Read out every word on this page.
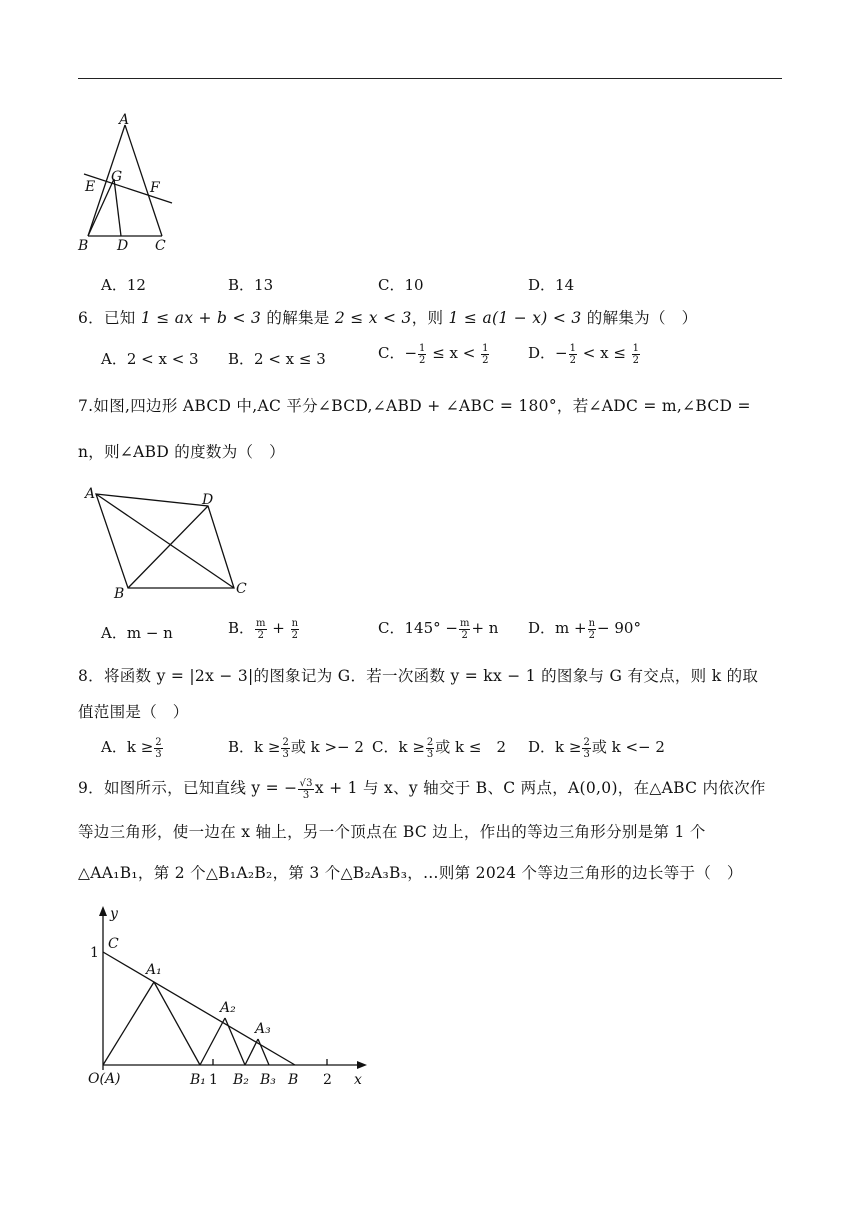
A
E
G
F
B D C
A．12	B．13	C．10	D．14
6．已知 1 ≤ ax + b < 3 的解集是 2 ≤ x < 3，则 1 ≤ a(1 − x) < 3 的解集为（　）
A．2 < x < 3 B．2 < x ≤ 3	C．− $\frac{1}{2} \le x < \frac{1}{2}$	D．− $\frac{1}{2} < x \le \frac{1}{2}$
7.如图,四边形 ABCD 中,AC 平分∠BCD,∠ABD + ∠ABC = 180°，若∠ADC = m,∠BCD =
n，则∠ABD 的度数为（　）
A	D
B	C
A．m − n	B． $\frac{m}{2} + \frac{n}{2}$	C．$145^\circ - \frac{m}{2} + n$ D．$m + \frac{n}{2} - 90^\circ$
8．将函数 y = |2x − 3|的图象记为 G．若一次函数 y = kx − 1 的图象与 G 有交点，则 k 的取
值范围是（　）
A．$k \ge \frac{2}{3}$	B．$k \ge \frac{2}{3}$ 或 k >− 2 C．$k \ge \frac{2}{3}$ 或 k ≤　2 D．$k \ge \frac{2}{3}$ 或 k <− 2
9．如图所示，已知直线 y = − $\frac{√3}{3}$ x + 1 与 x、y 轴交于 B、C 两点，A(0,0)，在△ABC 内依次作
等边三角形，使一边在 x 轴上，另一个顶点在 BC 边上，作出的等边三角形分别是第 1 个
△AA₁B₁，第 2 个△B₁A₂B₂，第 3 个△B₂A₃B₃，…则第 2024 个等边三角形的边长等于（　）
y
x
1
C
A₁
A₂
A₃
O(A)	B₁ 1 B₂ B₃ B 2
